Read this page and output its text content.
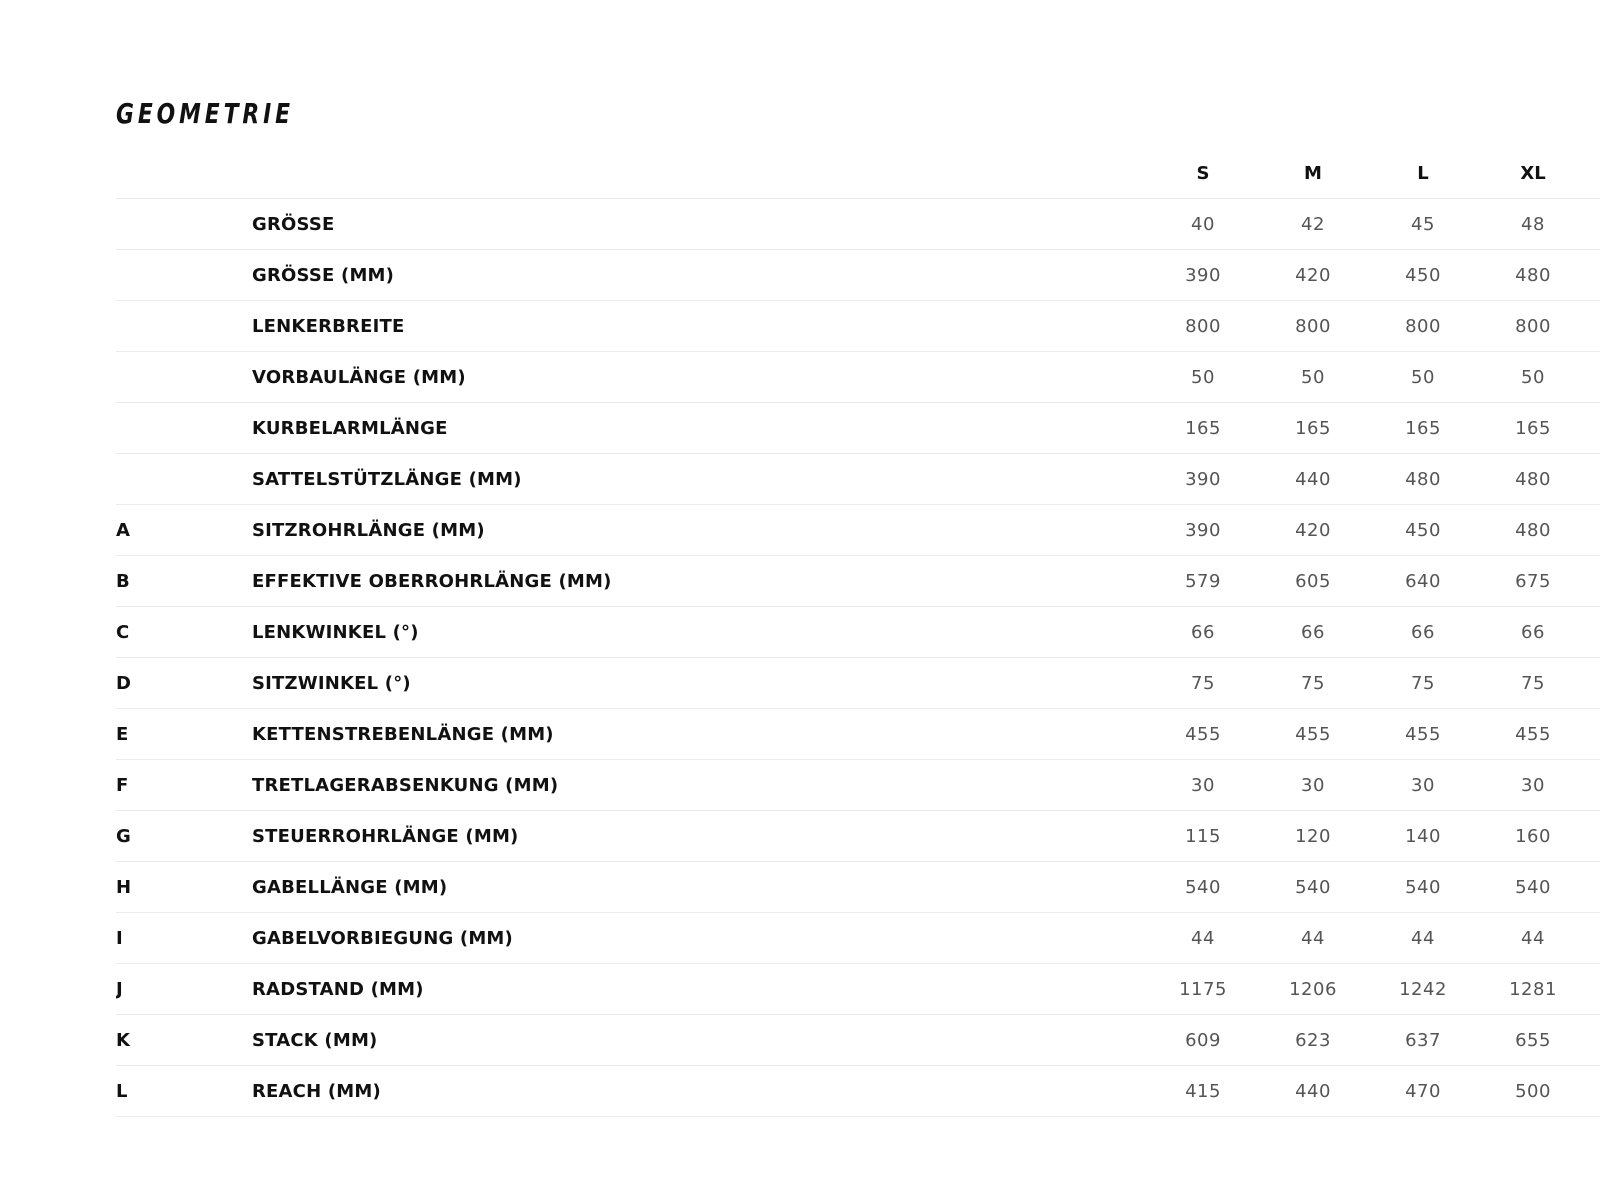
GEOMETRIE
		S	M	L	XL	
	GRÖSSE	40	42	45	48	
	GRÖSSE (MM)	390	420	450	480	
	LENKERBREITE	800	800	800	800	
	VORBAULÄNGE (MM)	50	50	50	50	
	KURBELARMLÄNGE	165	165	165	165	
	SATTELSTÜTZLÄNGE (MM)	390	440	480	480	
A	SITZROHRLÄNGE (MM)	390	420	450	480	
B	EFFEKTIVE OBERROHRLÄNGE (MM)	579	605	640	675	
C	LENKWINKEL (°)	66	66	66	66	
D	SITZWINKEL (°)	75	75	75	75	
E	KETTENSTREBENLÄNGE (MM)	455	455	455	455	
F	TRETLAGERABSENKUNG (MM)	30	30	30	30	
G	STEUERROHRLÄNGE (MM)	115	120	140	160	
H	GABELLÄNGE (MM)	540	540	540	540	
I	GABELVORBIEGUNG (MM)	44	44	44	44	
J	RADSTAND (MM)	1175	1206	1242	1281	
K	STACK (MM)	609	623	637	655	
L	REACH (MM)	415	440	470	500	
